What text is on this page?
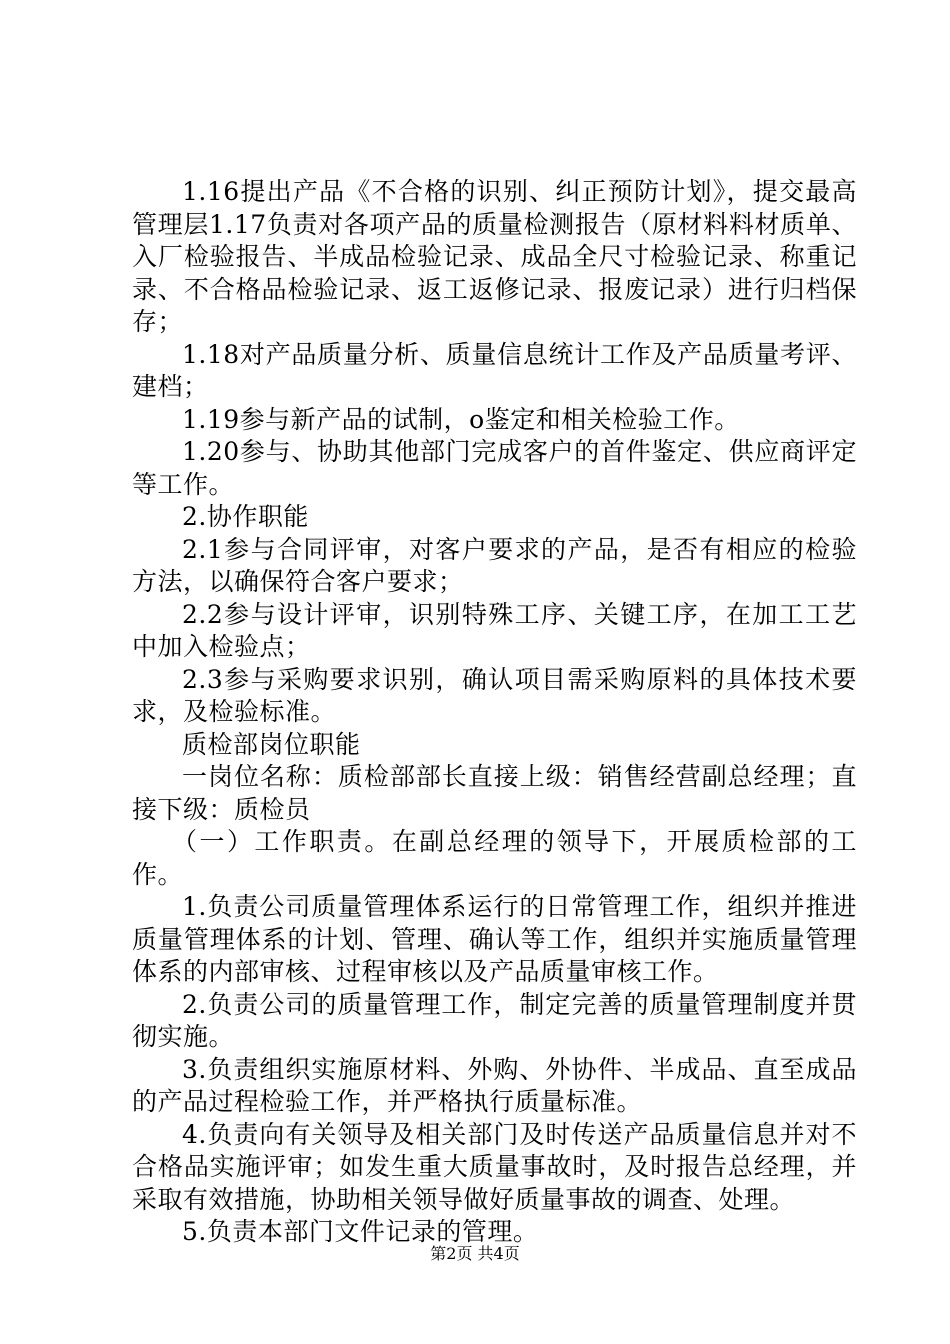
1.16提出产品《不合格的识别、纠正预防计划》，提交最高管理层1.17负责对各项产品的质量检测报告（原材料料材质单、入厂检验报告、半成品检验记录、成品全尺寸检验记录、称重记录、不合格品检验记录、返工返修记录、报废记录）进行归档保存；

1.18对产品质量分析、质量信息统计工作及产品质量考评、建档；

1.19参与新产品的试制，o鉴定和相关检验工作。

1.20参与、协助其他部门完成客户的首件鉴定、供应商评定等工作。

2.协作职能

2.1参与合同评审，对客户要求的产品，是否有相应的检验方法，以确保符合客户要求；

2.2参与设计评审，识别特殊工序、关键工序，在加工工艺中加入检验点；

2.3参与采购要求识别，确认项目需采购原料的具体技术要求，及检验标准。

质检部岗位职能

一岗位名称：质检部部长直接上级：销售经营副总经理；直接下级：质检员

（一）工作职责。在副总经理的领导下，开展质检部的工作。

1.负责公司质量管理体系运行的日常管理工作，组织并推进质量管理体系的计划、管理、确认等工作，组织并实施质量管理体系的内部审核、过程审核以及产品质量审核工作。

2.负责公司的质量管理工作，制定完善的质量管理制度并贯彻实施。

3.负责组织实施原材料、外购、外协件、半成品、直至成品的产品过程检验工作，并严格执行质量标准。

4.负责向有关领导及相关部门及时传送产品质量信息并对不合格品实施评审；如发生重大质量事故时，及时报告总经理，并采取有效措施，协助相关领导做好质量事故的调查、处理。

5.负责本部门文件记录的管理。

第2页 共4页
